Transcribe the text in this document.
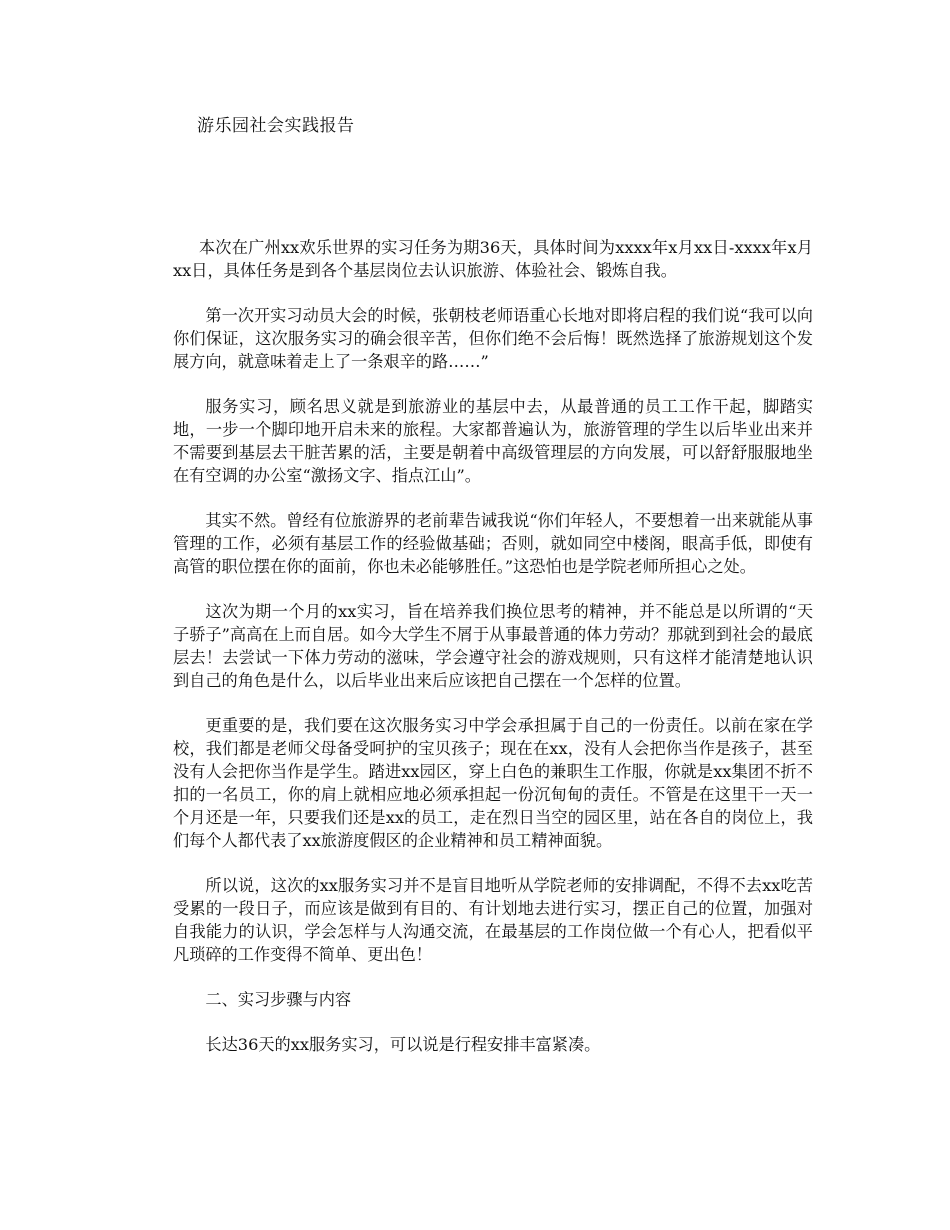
游乐园社会实践报告

本次在广州xx欢乐世界的实习任务为期36天，具体时间为xxxx年x月xx日-xxxx年x月xx日，具体任务是到各个基层岗位去认识旅游、体验社会、锻炼自我。

第一次开实习动员大会的时候，张朝枝老师语重心长地对即将启程的我们说“我可以向你们保证，这次服务实习的确会很辛苦，但你们绝不会后悔！既然选择了旅游规划这个发展方向，就意味着走上了一条艰辛的路……”

服务实习，顾名思义就是到旅游业的基层中去，从最普通的员工工作干起，脚踏实地，一步一个脚印地开启未来的旅程。大家都普遍认为，旅游管理的学生以后毕业出来并不需要到基层去干脏苦累的活，主要是朝着中高级管理层的方向发展，可以舒舒服服地坐在有空调的办公室“激扬文字、指点江山”。

其实不然。曾经有位旅游界的老前辈告诫我说“你们年轻人，不要想着一出来就能从事管理的工作，必须有基层工作的经验做基础；否则，就如同空中楼阁，眼高手低，即使有高管的职位摆在你的面前，你也未必能够胜任。”这恐怕也是学院老师所担心之处。

这次为期一个月的xx实习，旨在培养我们换位思考的精神，并不能总是以所谓的“天子骄子”高高在上而自居。如今大学生不屑于从事最普通的体力劳动？那就到到社会的最底层去！去尝试一下体力劳动的滋味，学会遵守社会的游戏规则，只有这样才能清楚地认识到自己的角色是什么，以后毕业出来后应该把自己摆在一个怎样的位置。

更重要的是，我们要在这次服务实习中学会承担属于自己的一份责任。以前在家在学校，我们都是老师父母备受呵护的宝贝孩子；现在在xx，没有人会把你当作是孩子，甚至没有人会把你当作是学生。踏进xx园区，穿上白色的兼职生工作服，你就是xx集团不折不扣的一名员工，你的肩上就相应地必须承担起一份沉甸甸的责任。不管是在这里干一天一个月还是一年，只要我们还是xx的员工，走在烈日当空的园区里，站在各自的岗位上，我们每个人都代表了xx旅游度假区的企业精神和员工精神面貌。

所以说，这次的xx服务实习并不是盲目地听从学院老师的安排调配，不得不去xx吃苦受累的一段日子，而应该是做到有目的、有计划地去进行实习，摆正自己的位置，加强对自我能力的认识，学会怎样与人沟通交流，在最基层的工作岗位做一个有心人，把看似平凡琐碎的工作变得不简单、更出色！

二、实习步骤与内容

长达36天的xx服务实习，可以说是行程安排丰富紧凑。
